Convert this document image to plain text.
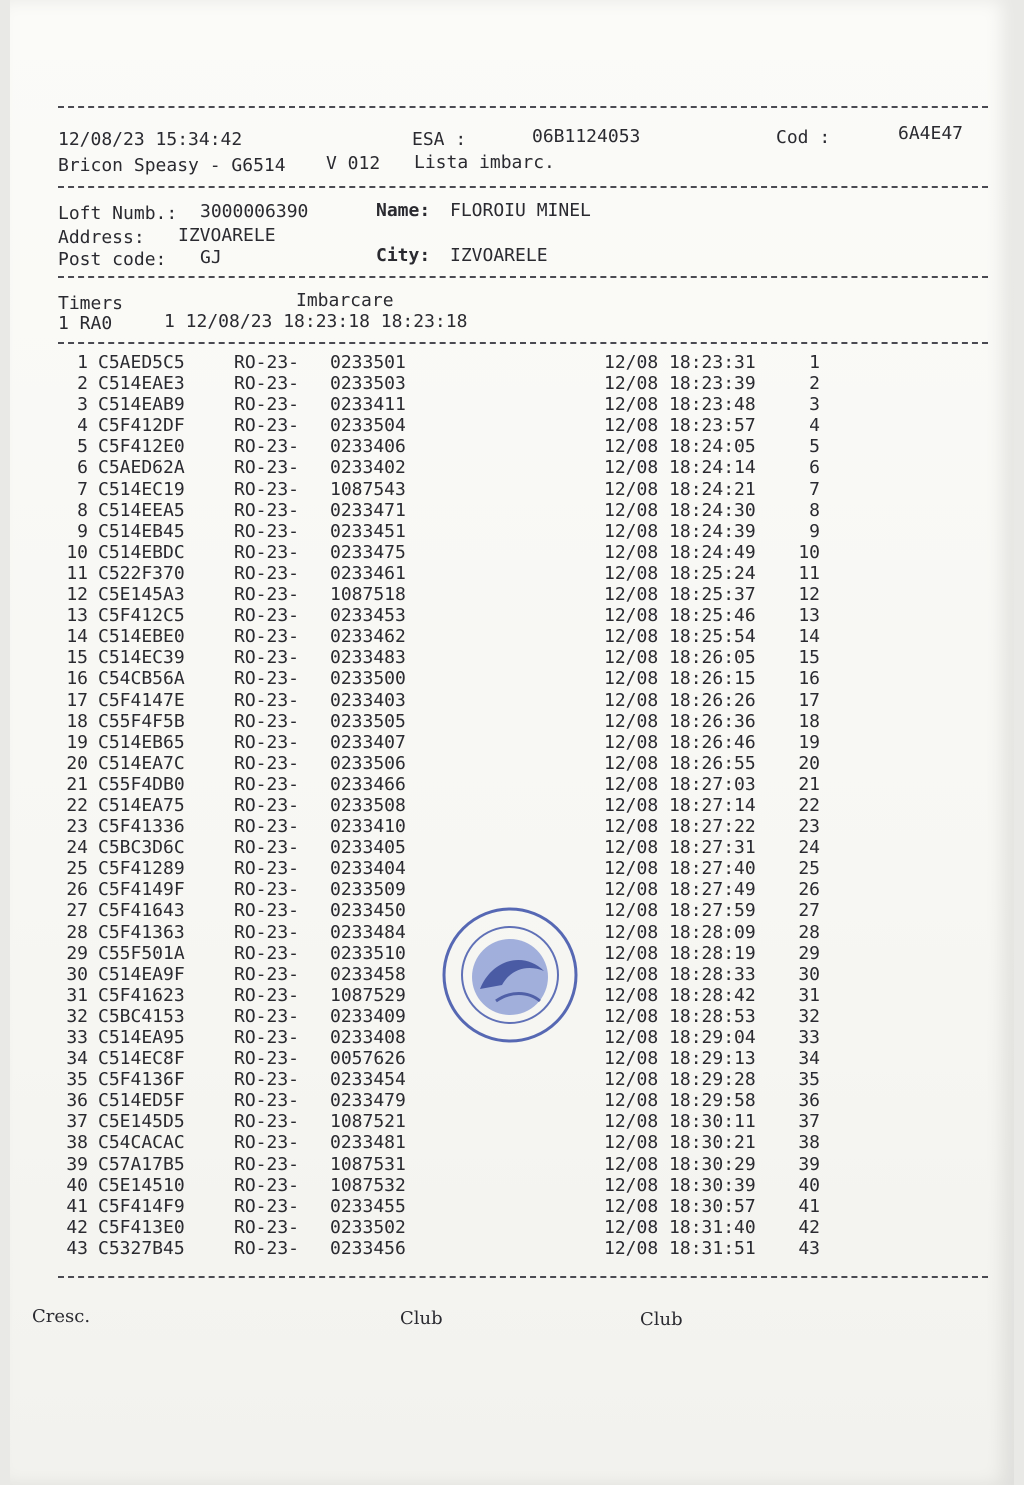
12/08/23 15:34:42	ESA :	06B1124053	Cod :	6A4E47
Bricon Speasy - G6514 V 012 Lista imbarc.
Loft Numb.: 3000006390	Name: FLOROIU MINEL
Address: IZVOARELE
Post code: GJ	City: IZVOARELE
Timers	Imbarcare
1 RA0	1 12/08/23 18:23:18 18:23:18
1 C5AED5C5	RO-23- 0233501	12/08 18:23:31	1
2 C514EAE3	RO-23- 0233503	12/08 18:23:39	2
3 C514EAB9	RO-23- 0233411	12/08 18:23:48	3
4 C5F412DF	RO-23- 0233504	12/08 18:23:57	4
5 C5F412E0	RO-23- 0233406	12/08 18:24:05	5
6 C5AED62A	RO-23- 0233402	12/08 18:24:14	6
7 C514EC19	RO-23- 1087543	12/08 18:24:21	7
8 C514EEA5	RO-23- 0233471	12/08 18:24:30	8
9 C514EB45	RO-23- 0233451	12/08 18:24:39	9
10 C514EBDC	RO-23- 0233475	12/08 18:24:49	10
11 C522F370	RO-23- 0233461	12/08 18:25:24	11
12 C5E145A3	RO-23- 1087518	12/08 18:25:37	12
13 C5F412C5	RO-23- 0233453	12/08 18:25:46	13
14 C514EBE0	RO-23- 0233462	12/08 18:25:54	14
15 C514EC39	RO-23- 0233483	12/08 18:26:05	15
16 C54CB56A	RO-23- 0233500	12/08 18:26:15	16
17 C5F4147E	RO-23- 0233403	12/08 18:26:26	17
18 C55F4F5B	RO-23- 0233505	12/08 18:26:36	18
19 C514EB65	RO-23- 0233407	12/08 18:26:46	19
20 C514EA7C	RO-23- 0233506	12/08 18:26:55	20
21 C55F4DB0	RO-23- 0233466	12/08 18:27:03	21
22 C514EA75	RO-23- 0233508	12/08 18:27:14	22
23 C5F41336	RO-23- 0233410	12/08 18:27:22	23
24 C5BC3D6C	RO-23- 0233405	12/08 18:27:31	24
25 C5F41289	RO-23- 0233404	12/08 18:27:40	25
26 C5F4149F	RO-23- 0233509	12/08 18:27:49	26
27 C5F41643	RO-23- 0233450	12/08 18:27:59	27
28 C5F41363	RO-23- 0233484	12/08 18:28:09	28
29 C55F501A	RO-23- 0233510	12/08 18:28:19	29
30 C514EA9F	RO-23- 0233458	12/08 18:28:33	30
31 C5F41623	RO-23- 1087529	12/08 18:28:42	31
32 C5BC4153	RO-23- 0233409	12/08 18:28:53	32
33 C514EA95	RO-23- 0233408	12/08 18:29:04	33
34 C514EC8F	RO-23- 0057626	12/08 18:29:13	34
35 C5F4136F	RO-23- 0233454	12/08 18:29:28	35
36 C514ED5F	RO-23- 0233479	12/08 18:29:58	36
37 C5E145D5	RO-23- 1087521	12/08 18:30:11	37
38 C54CACAC	RO-23- 0233481	12/08 18:30:21	38
39 C57A17B5	RO-23- 1087531	12/08 18:30:29	39
40 C5E14510	RO-23- 1087532	12/08 18:30:39	40
41 C5F414F9	RO-23- 0233455	12/08 18:30:57	41
42 C5F413E0	RO-23- 0233502	12/08 18:31:40	42
43 C5327B45	RO-23- 0233456	12/08 18:31:51	43
Cresc.	Club	Club
